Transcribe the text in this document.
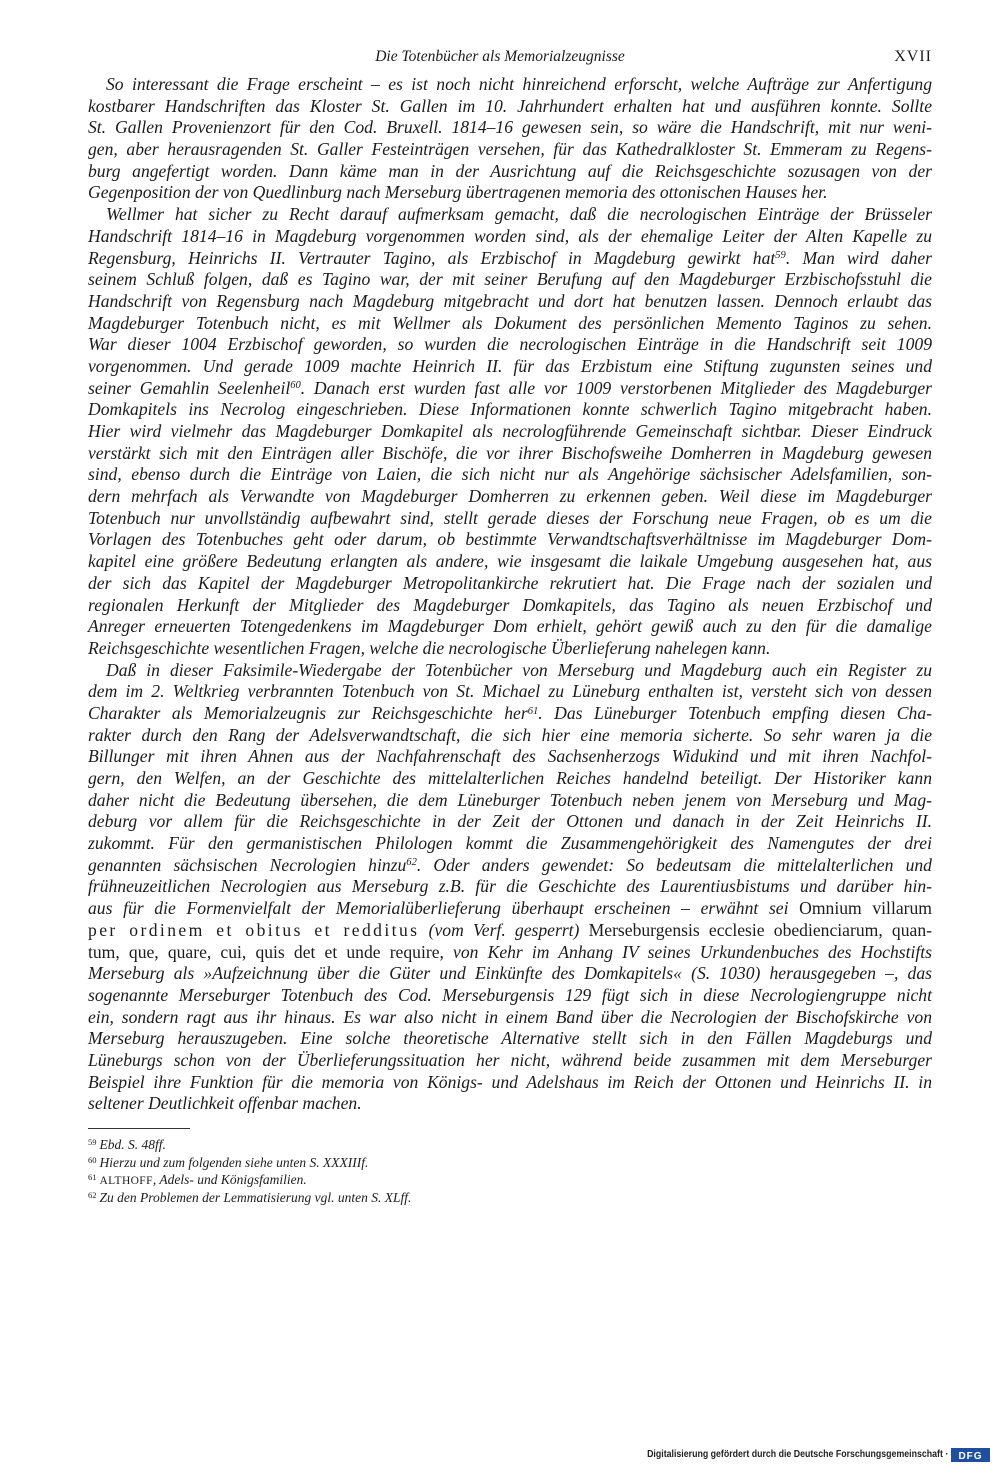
Die Totenbücher als Memorialzeugnisse	XVII
So interessant die Frage erscheint – es ist noch nicht hinreichend erforscht, welche Aufträge zur Anfertigung
kostbarer Handschriften das Kloster St. Gallen im 10. Jahrhundert erhalten hat und ausführen konnte. Sollte
St. Gallen Provenienzort für den Cod. Bruxell. 1814–16 gewesen sein, so wäre die Handschrift, mit nur weni-
gen, aber herausragenden St. Galler Festeinträgen versehen, für das Kathedralkloster St. Emmeram zu Regens-
burg angefertigt worden. Dann käme man in der Ausrichtung auf die Reichsgeschichte sozusagen von der
Gegenposition der von Quedlinburg nach Merseburg übertragenen memoria des ottonischen Hauses her.
Wellmer hat sicher zu Recht darauf aufmerksam gemacht, daß die necrologischen Einträge der Brüsseler
Handschrift 1814–16 in Magdeburg vorgenommen worden sind, als der ehemalige Leiter der Alten Kapelle zu
Regensburg, Heinrichs II. Vertrauter Tagino, als Erzbischof in Magdeburg gewirkt hat$^{59}$. Man wird daher
seinem Schluß folgen, daß es Tagino war, der mit seiner Berufung auf den Magdeburger Erzbischofsstuhl die
Handschrift von Regensburg nach Magdeburg mitgebracht und dort hat benutzen lassen. Dennoch erlaubt das
Magdeburger Totenbuch nicht, es mit Wellmer als Dokument des persönlichen Memento Taginos zu sehen.
War dieser 1004 Erzbischof geworden, so wurden die necrologischen Einträge in die Handschrift seit 1009
vorgenommen. Und gerade 1009 machte Heinrich II. für das Erzbistum eine Stiftung zugunsten seines und
seiner Gemahlin Seelenheil$^{60}$. Danach erst wurden fast alle vor 1009 verstorbenen Mitglieder des Magdeburger
Domkapitels ins Necrolog eingeschrieben. Diese Informationen konnte schwerlich Tagino mitgebracht haben.
Hier wird vielmehr das Magdeburger Domkapitel als necrologführende Gemeinschaft sichtbar. Dieser Eindruck
verstärkt sich mit den Einträgen aller Bischöfe, die vor ihrer Bischofsweihe Domherren in Magdeburg gewesen
sind, ebenso durch die Einträge von Laien, die sich nicht nur als Angehörige sächsischer Adelsfamilien, son-
dern mehrfach als Verwandte von Magdeburger Domherren zu erkennen geben. Weil diese im Magdeburger
Totenbuch nur unvollständig aufbewahrt sind, stellt gerade dieses der Forschung neue Fragen, ob es um die
Vorlagen des Totenbuches geht oder darum, ob bestimmte Verwandtschaftsverhältnisse im Magdeburger Dom-
kapitel eine größere Bedeutung erlangten als andere, wie insgesamt die laikale Umgebung ausgesehen hat, aus
der sich das Kapitel der Magdeburger Metropolitankirche rekrutiert hat. Die Frage nach der sozialen und
regionalen Herkunft der Mitglieder des Magdeburger Domkapitels, das Tagino als neuen Erzbischof und
Anreger erneuerten Totengedenkens im Magdeburger Dom erhielt, gehört gewiß auch zu den für die damalige
Reichsgeschichte wesentlichen Fragen, welche die necrologische Überlieferung nahelegen kann.
Daß in dieser Faksimile-Wiedergabe der Totenbücher von Merseburg und Magdeburg auch ein Register zu
dem im 2. Weltkrieg verbrannten Totenbuch von St. Michael zu Lüneburg enthalten ist, versteht sich von dessen
Charakter als Memorialzeugnis zur Reichsgeschichte her$^{61}$. Das Lüneburger Totenbuch empfing diesen Cha-
rakter durch den Rang der Adelsverwandtschaft, die sich hier eine memoria sicherte. So sehr waren ja die
Billunger mit ihren Ahnen aus der Nachfahrenschaft des Sachsenherzogs Widukind und mit ihren Nachfol-
gern, den Welfen, an der Geschichte des mittelalterlichen Reiches handelnd beteiligt. Der Historiker kann
daher nicht die Bedeutung übersehen, die dem Lüneburger Totenbuch neben jenem von Merseburg und Mag-
deburg vor allem für die Reichsgeschichte in der Zeit der Ottonen und danach in der Zeit Heinrichs II.
zukommt. Für den germanistischen Philologen kommt die Zusammengehörigkeit des Namengutes der drei
genannten sächsischen Necrologien hinzu$^{62}$. Oder anders gewendet: So bedeutsam die mittelalterlichen und
frühneuzeitlichen Necrologien aus Merseburg z.B. für die Geschichte des Laurentiusbistums und darüber hin-
aus für die Formenvielfalt der Memorialüberlieferung überhaupt erscheinen – erwähnt sei Omnium villarum
per ordinem et obitus et redditus (vom Verf. gesperrt) Merseburgensis ecclesie obedienciarum, quan-
tum, que, quare, cui, quis det et unde require, von Kehr im Anhang IV seines Urkundenbuches des Hochstifts
Merseburg als »Aufzeichnung über die Güter und Einkünfte des Domkapitels« (S. 1030) herausgegeben –, das
sogenannte Merseburger Totenbuch des Cod. Merseburgensis 129 fügt sich in diese Necrologiengruppe nicht
ein, sondern ragt aus ihr hinaus. Es war also nicht in einem Band über die Necrologien der Bischofskirche von
Merseburg herauszugeben. Eine solche theoretische Alternative stellt sich in den Fällen Magdeburgs und
Lüneburgs schon von der Überlieferungssituation her nicht, während beide zusammen mit dem Merseburger
Beispiel ihre Funktion für die memoria von Königs- und Adelshaus im Reich der Ottonen und Heinrichs II. in
seltener Deutlichkeit offenbar machen.
$^{59}$ Ebd. S. 48ff.
$^{60}$ Hierzu und zum folgenden siehe unten S. XXXIIIf.
$^{61}$ ALTHOFF, Adels- und Königsfamilien.
$^{62}$ Zu den Problemen der Lemmatisierung vgl. unten S. XLff.
Digitalisierung gefördert durch die Deutsche Forschungsgemeinschaft · DFG
